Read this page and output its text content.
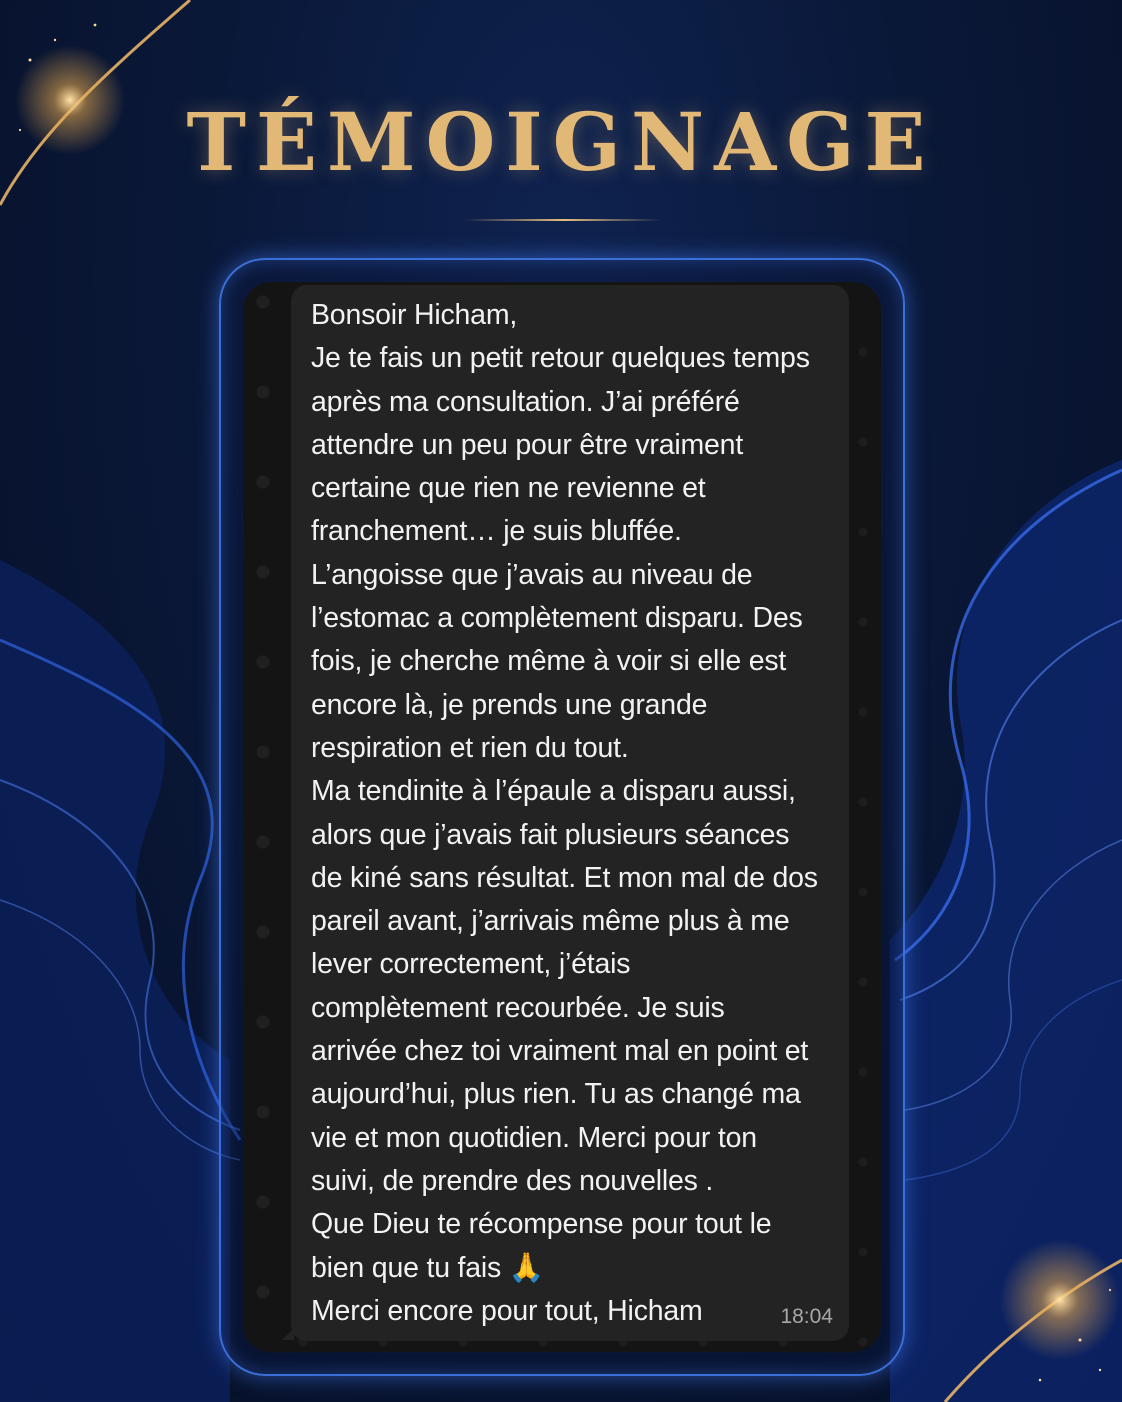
TÉMOIGNAGE
Bonsoir Hicham,
Je te fais un petit retour quelques temps
après ma consultation. J’ai préféré
attendre un peu pour être vraiment
certaine que rien ne revienne et
franchement… je suis bluffée.
L’angoisse que j’avais au niveau de
l’estomac a complètement disparu. Des
fois, je cherche même à voir si elle est
encore là, je prends une grande
respiration et rien du tout.
Ma tendinite à l’épaule a disparu aussi,
alors que j’avais fait plusieurs séances
de kiné sans résultat. Et mon mal de dos
pareil avant, j’arrivais même plus à me
lever correctement, j’étais
complètement recourbée. Je suis
arrivée chez toi vraiment mal en point et
aujourd’hui, plus rien. Tu as changé ma
vie et mon quotidien. Merci pour ton
suivi, de prendre des nouvelles .
Que Dieu te récompense pour tout le
bien que tu fais 🙏
Merci encore pour tout, Hicham	18:04
